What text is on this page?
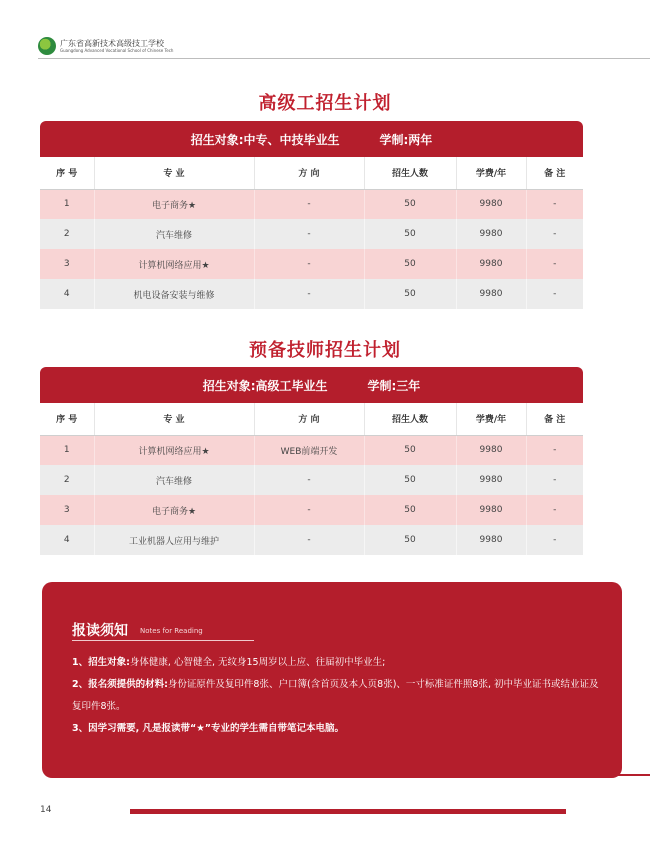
广东省高新技术高级技工学校
Guangdong Advanced Vocational School of Chinese Tech
高级工招生计划
招生对象:中专、中技毕业生	学制:两年
序 号	专 业	方 向	招生人数	学费/年	备 注
1	电子商务★	-	50	9980	-
2	汽车维修	-	50	9980	-
3	计算机网络应用★	-	50	9980	-
4	机电设备安装与维修	-	50	9980	-
预备技师招生计划
招生对象:高级工毕业生	学制:三年
序 号	专 业	方 向	招生人数	学费/年	备 注
1	计算机网络应用★	WEB前端开发	50	9980	-
2	汽车维修	-	50	9980	-
3	电子商务★	-	50	9980	-
4	工业机器人应用与维护	-	50	9980	-
报读须知 Notes for Reading

1、招生对象:身体健康, 心智健全, 无纹身15周岁以上应、往届初中毕业生;

2、报名须提供的材料:身份证原件及复印件8张、户口簿(含首页及本人页8张)、一寸标准证件照8张, 初中毕业证书或结业证及复印件8张。

3、因学习需要, 凡是报读带“★”专业的学生需自带笔记本电脑。

14
